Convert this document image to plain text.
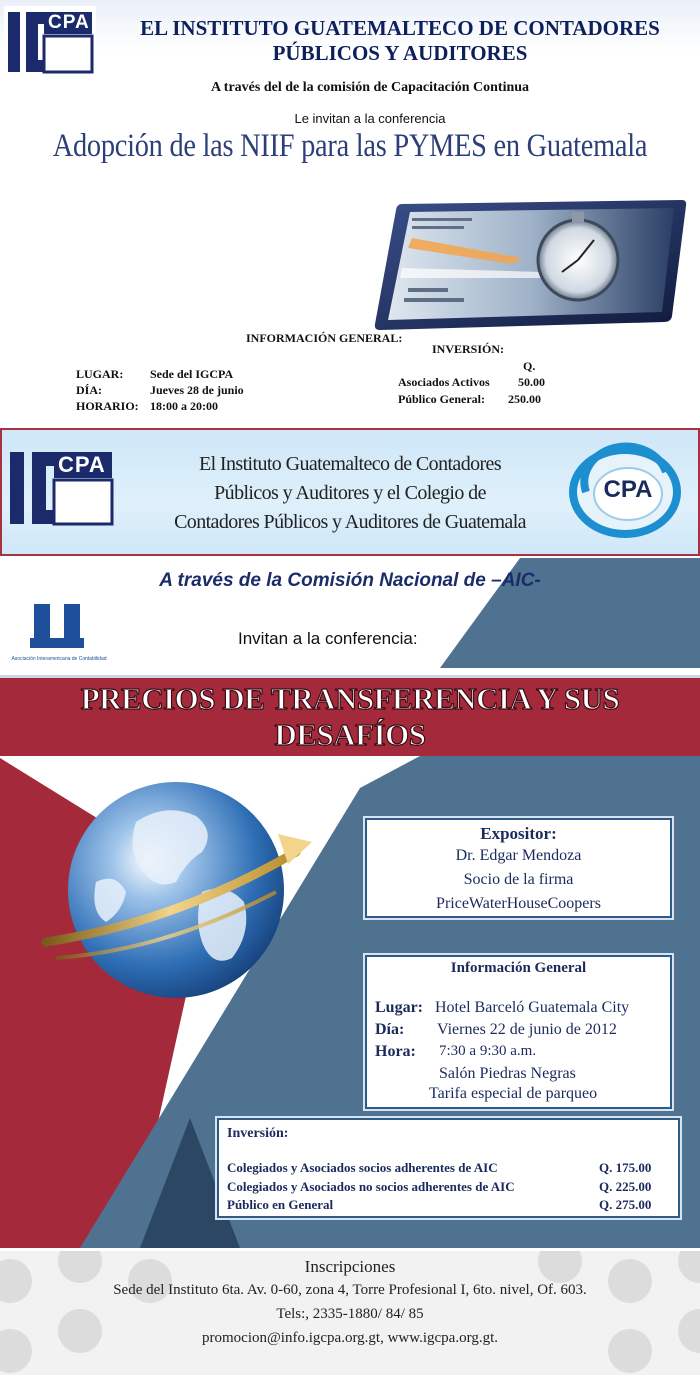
CPA	EL INSTITUTO GUATEMALTECO DE CONTADORES
PÚBLICOS Y AUDITORES
A través del de la comisión de Capacitación Continua
Le invitan a la conferencia
Adopción de las NIIF para las PYMES en Guatemala
INFORMACIÓN GENERAL:
INVERSIÓN:
Q.
LUGAR: Sede del IGCPA
DÍA:	Jueves 28 de junio
HORARIO: 18:00 a 20:00
Asociados Activos 50.00
Público General: 250.00
CPA	El Instituto Guatemalteco de Contadores
Públicos y Auditores y el Colegio de
Contadores Públicos y Auditores de Guatemala
CPA
A través de la Comisión Nacional de –AIC-
Asociación Interamericana de Contabilidad
Invitan a la conferencia:
PRECIOS DE TRANSFERENCIA Y SUS
DESAFÍOS
Expositor:
Dr. Edgar Mendoza
Socio de la firma
PriceWaterHouseCoopers
Información General
Lugar: Hotel Barceló Guatemala City
Día: Viernes 22 de junio de 2012
Hora: 7:30 a 9:30 a.m.
Salón Piedras Negras
Tarifa especial de parqueo
Inversión:
Colegiados y Asociados socios adherentes de AIC	Q. 175.00
Colegiados y Asociados no socios adherentes de AIC	Q. 225.00
Público en General	Q. 275.00
Inscripciones
Sede del Instituto 6ta. Av. 0-60, zona 4, Torre Profesional I, 6to. nivel, Of. 603.
Tels:, 2335-1880/ 84/ 85
promocion@info.igcpa.org.gt, www.igcpa.org.gt.
